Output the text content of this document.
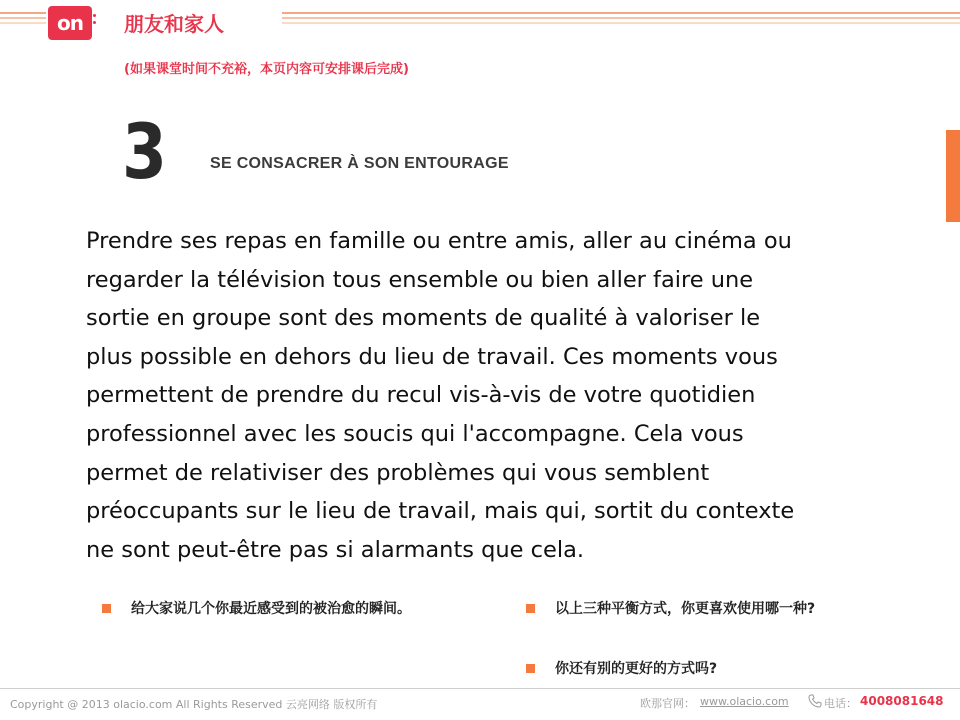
on 朋友和家人
(如果课堂时间不充裕，本页内容可安排课后完成)
3	SE CONSACRER À SON ENTOURAGE

Prendre ses repas en famille ou entre amis, aller au cinéma ou
regarder la télévision tous ensemble ou bien aller faire une
sortie en groupe sont des moments de qualité à valoriser le
plus possible en dehors du lieu de travail. Ces moments vous
permettent de prendre du recul vis-à-vis de votre quotidien
professionnel avec les soucis qui l'accompagne. Cela vous
permet de relativiser des problèmes qui vous semblent
préoccupants sur le lieu de travail, mais qui, sortit du contexte
ne sont peut-être pas si alarmants que cela.

给大家说几个你最近感受到的被治愈的瞬间。	以上三种平衡方式，你更喜欢使用哪一种?
你还有别的更好的方式吗?
Copyright @ 2013 olacio.com All Rights Reserved 云亮网络 版权所有	欧那官网： www.olacio.com	电话： 4008081648
